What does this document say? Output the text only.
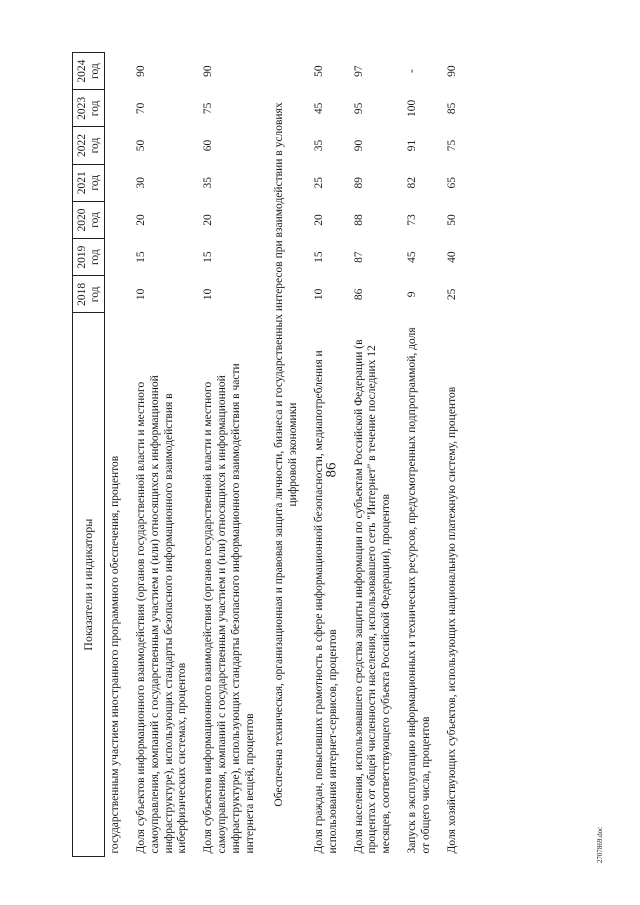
86
2707869.doc
Показатели и индикаторы	2018 год	2019 год	2020 год	2021 год	2022 год	2023 год	2024 год
государственным участием иностранного программного обеспечения, процентов							
Доля субъектов информационного взаимодействия (органов государственной власти и местного самоуправления, компаний с государственным участием и (или) относящихся к информационной инфраструктуре), использующих стандарты безопасного информационного взаимодействия в киберфизических системах, процентов	10	15	20	30	50	70	90
Доля субъектов информационного взаимодействия (органов государственной власти и местного самоуправления, компаний с государственным участием и (или) относящихся к информационной инфраструктуре), использующих стандарты безопасного информационного взаимодействия в части интернета вещей, процентов	10	15	20	35	60	75	90
Обеспечена техническая, организационная и правовая защита личности, бизнеса и государственных интересов при взаимодействии в условиях цифровой экономики							
Доля граждан, повысивших грамотность в сфере информационной безопасности, медиапотребления и использования интернет-сервисов, процентов	10	15	20	25	35	45	50
Доля населения, использовавшего средства защиты информации по субъектам Российской Федерации (в процентах от общей численности населения, использовавшего сеть "Интернет" в течение последних 12 месяцев, соответствующего субъекта Российской Федерации), процентов	86	87	88	89	90	95	97
Запуск в эксплуатацию информационных и технических ресурсов, предусмотренных подпрограммой, доля от общего числа, процентов	9	45	73	82	91	100	-
Доля хозяйствующих субъектов, использующих национальную платежную систему, процентов	25	40	50	65	75	85	90
